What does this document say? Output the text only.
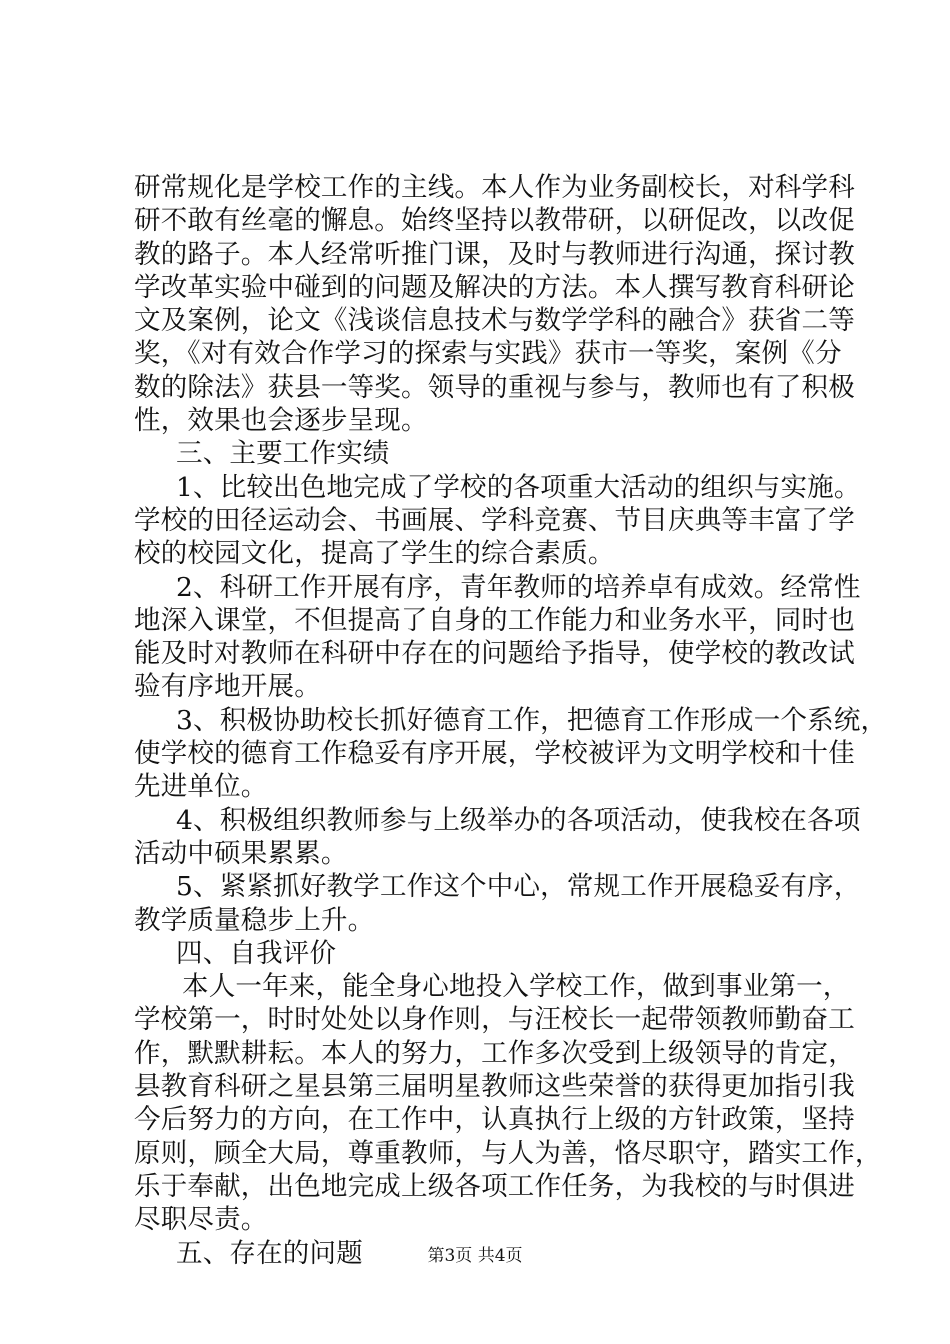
研常规化是学校工作的主线。本人作为业务副校长，对科学科
研不敢有丝毫的懈息。始终坚持以教带研，以研促改，以改促
教的路子。本人经常听推门课，及时与教师进行沟通，探讨教
学改革实验中碰到的问题及解决的方法。本人撰写教育科研论
文及案例，论文《浅谈信息技术与数学学科的融合》获省二等
奖，《对有效合作学习的探索与实践》获市一等奖，案例《分
数的除法》获县一等奖。领导的重视与参与，教师也有了积极
性，效果也会逐步呈现。
三、主要工作实绩
1、比较出色地完成了学校的各项重大活动的组织与实施。
学校的田径运动会、书画展、学科竞赛、节目庆典等丰富了学
校的校园文化，提高了学生的综合素质。
2、科研工作开展有序，青年教师的培养卓有成效。经常性
地深入课堂，不但提高了自身的工作能力和业务水平，同时也
能及时对教师在科研中存在的问题给予指导，使学校的教改试
验有序地开展。
3、积极协助校长抓好德育工作，把德育工作形成一个系统，
使学校的德育工作稳妥有序开展，学校被评为文明学校和十佳
先进单位。
4、积极组织教师参与上级举办的各项活动，使我校在各项
活动中硕果累累。
5、紧紧抓好教学工作这个中心，常规工作开展稳妥有序，
教学质量稳步上升。
四、自我评价
本人一年来，能全身心地投入学校工作，做到事业第一，
学校第一，时时处处以身作则，与汪校长一起带领教师勤奋工
作，默默耕耘。本人的努力，工作多次受到上级领导的肯定，
县教育科研之星县第三届明星教师这些荣誉的获得更加指引我
今后努力的方向，在工作中，认真执行上级的方针政策，坚持
原则，顾全大局，尊重教师，与人为善，恪尽职守，踏实工作，
乐于奉献，出色地完成上级各项工作任务，为我校的与时俱进
尽职尽责。
五、存在的问题	第3页 共4页
